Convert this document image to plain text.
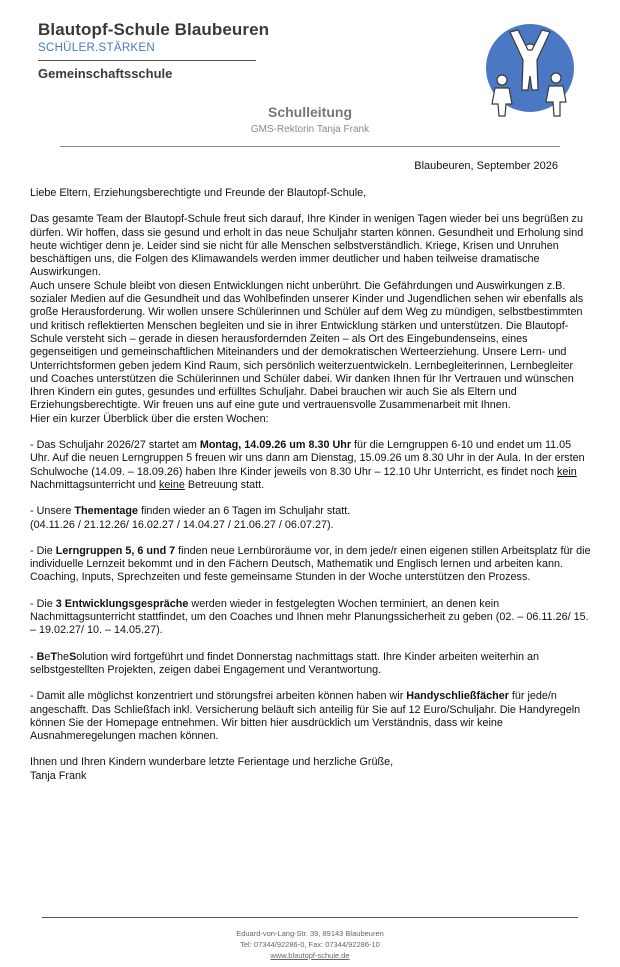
Blautopf-Schule Blaubeuren
SCHÜLER.STÄRKEN
Gemeinschaftsschule
Schulleitung
GMS-Rektorin Tanja Frank
Blaubeuren, September 2026

Liebe Eltern, Erziehungsberechtigte und Freunde der Blautopf-Schule,

Das gesamte Team der Blautopf-Schule freut sich darauf, Ihre Kinder in wenigen Tagen wieder bei uns begrüßen zu dürfen. Wir hoffen, dass sie gesund und erholt in das neue Schuljahr starten können. Gesundheit und Erholung sind heute wichtiger denn je. Leider sind sie nicht für alle Menschen selbstverständlich. Kriege, Krisen und Unruhen beschäftigen uns, die Folgen des Klimawandels werden immer deutlicher und haben teilweise dramatische Auswirkungen.

Auch unsere Schule bleibt von diesen Entwicklungen nicht unberührt. Die Gefährdungen und Auswirkungen z.B. sozialer Medien auf die Gesundheit und das Wohlbefinden unserer Kinder und Jugendlichen sehen wir ebenfalls als große Herausforderung. Wir wollen unsere Schülerinnen und Schüler auf dem Weg zu mündigen, selbstbestimmten und kritisch reflektierten Menschen begleiten und sie in ihrer Entwicklung stärken und unterstützen. Die Blautopf-Schule versteht sich – gerade in diesen herausfordernden Zeiten – als Ort des Eingebundenseins, eines gegenseitigen und gemeinschaftlichen Miteinanders und der demokratischen Werteerziehung. Unsere Lern- und Unterrichtsformen geben jedem Kind Raum, sich persönlich weiterzuentwickeln. Lernbegleiterinnen, Lernbegleiter und Coaches unterstützen die Schülerinnen und Schüler dabei. Wir danken Ihnen für Ihr Vertrauen und wünschen Ihren Kindern ein gutes, gesundes und erfülltes Schuljahr. Dabei brauchen wir auch Sie als Eltern und Erziehungsberechtigte. Wir freuen uns auf eine gute und vertrauensvolle Zusammenarbeit mit Ihnen.

Hier ein kurzer Überblick über die ersten Wochen:

- Das Schuljahr 2026/27 startet am Montag, 14.09.26 um 8.30 Uhr für die Lerngruppen 6-10 und endet um 11.05 Uhr. Auf die neuen Lerngruppen 5 freuen wir uns dann am Dienstag, 15.09.26 um 8.30 Uhr in der Aula. In der ersten Schulwoche (14.09. – 18.09.26) haben Ihre Kinder jeweils von 8.30 Uhr – 12.10 Uhr Unterricht, es findet noch kein Nachmittagsunterricht und keine Betreuung statt.

- Unsere Thementage finden wieder an 6 Tagen im Schuljahr statt.
(04.11.26 / 21.12.26/ 16.02.27 / 14.04.27 / 21.06.27 / 06.07.27).

- Die Lerngruppen 5, 6 und 7 finden neue Lernbüroräume vor, in dem jede/r einen eigenen stillen Arbeitsplatz für die individuelle Lernzeit bekommt und in den Fächern Deutsch, Mathematik und Englisch lernen und arbeiten kann. Coaching, Inputs, Sprechzeiten und feste gemeinsame Stunden in der Woche unterstützen den Prozess.

- Die 3 Entwicklungsgespräche werden wieder in festgelegten Wochen terminiert, an denen kein Nachmittagsunterricht stattfindet, um den Coaches und Ihnen mehr Planungssicherheit zu geben (02. – 06.11.26/ 15. – 19.02.27/ 10. – 14.05.27).

- BeTheSolution wird fortgeführt und findet Donnerstag nachmittags statt. Ihre Kinder arbeiten weiterhin an selbstgestellten Projekten, zeigen dabei Engagement und Verantwortung.

- Damit alle möglichst konzentriert und störungsfrei arbeiten können haben wir Handyschließfächer für jede/n angeschafft. Das Schließfach inkl. Versicherung beläuft sich anteilig für Sie auf 12 Euro/Schuljahr. Die Handyregeln können Sie der Homepage entnehmen. Wir bitten hier ausdrücklich um Verständnis, dass wir keine Ausnahmeregelungen machen können.

Ihnen und Ihren Kindern wunderbare letzte Ferientage und herzliche Grüße,

Tanja Frank

Eduard-von-Lang-Str. 39, 89143 Blaubeuren
Tel: 07344/92286-0, Fax: 07344/92286-10
www.blautopf-schule.de
